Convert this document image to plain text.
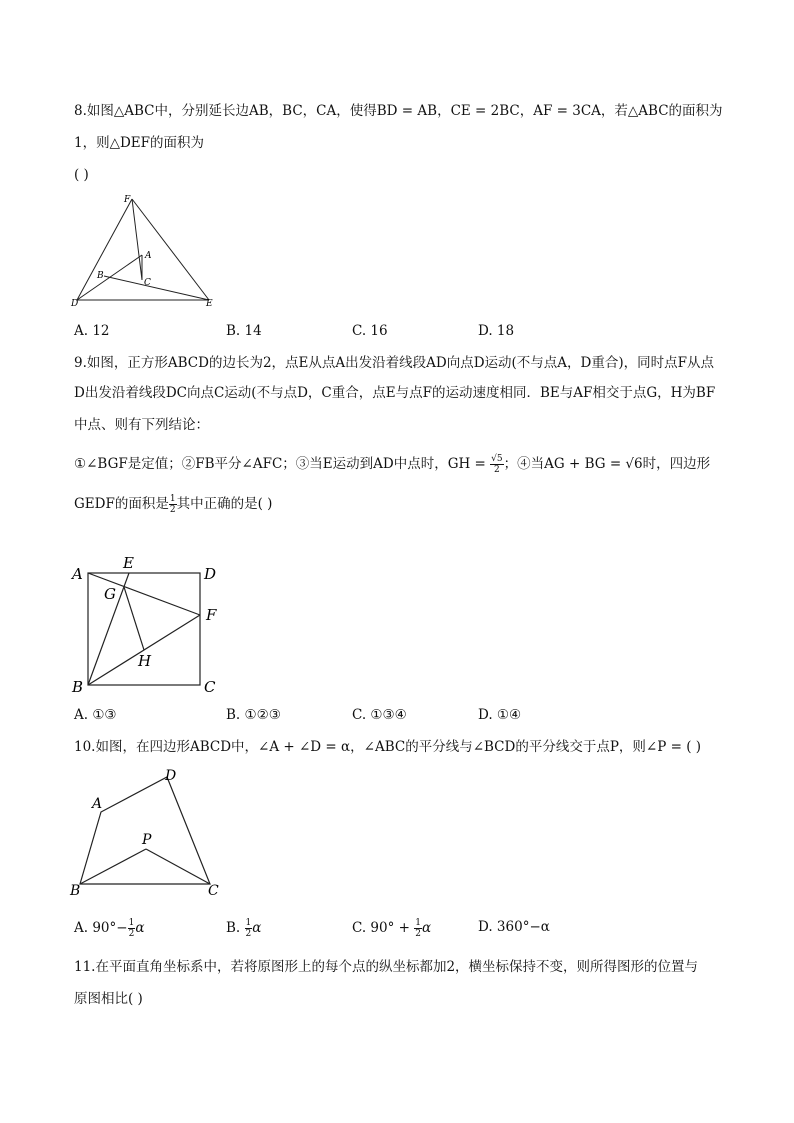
8.如图△ABC中，分别延长边AB，BC，CA，使得BD = AB，CE = 2BC，AF = 3CA，若△ABC的面积为
1，则△DEF的面积为
( )
F
A
B
C
D	E
A. 12	B. 14	C. 16	D. 18
9.如图，正方形ABCD的边长为2，点E从点A出发沿着线段AD向点D运动(不与点A，D重合)，同时点F从点
D出发沿着线段DC向点C运动(不与点D，C重合，点E与点F的运动速度相同．BE与AF相交于点G，H为BF
中点、则有下列结论：
①∠BGF是定值；②FB平分∠AFC；③当E运动到AD中点时，GH = $\frac{√5}{2}$ ；④当AG + BG = √6时，四边形
GEDF的面积是 $\frac{1}{2}$ 其中正确的是( )
A
E
D
G
F
H
B	C
A. ①③	B. ①②③	C. ①③④	D. ①④
10.如图，在四边形ABCD中，∠A + ∠D = α，∠ABC的平分线与∠BCD的平分线交于点P，则∠P = ( )
A
D
P
B	C
A. $90^\circ- \frac{1}{2}$ α	B. $\frac{1}{2}$ α	C. $90^\circ + \frac{1}{2}$ α	D. 360°−α
11.在平面直角坐标系中，若将原图形上的每个点的纵坐标都加2，横坐标保持不变，则所得图形的位置与
原图相比( )
